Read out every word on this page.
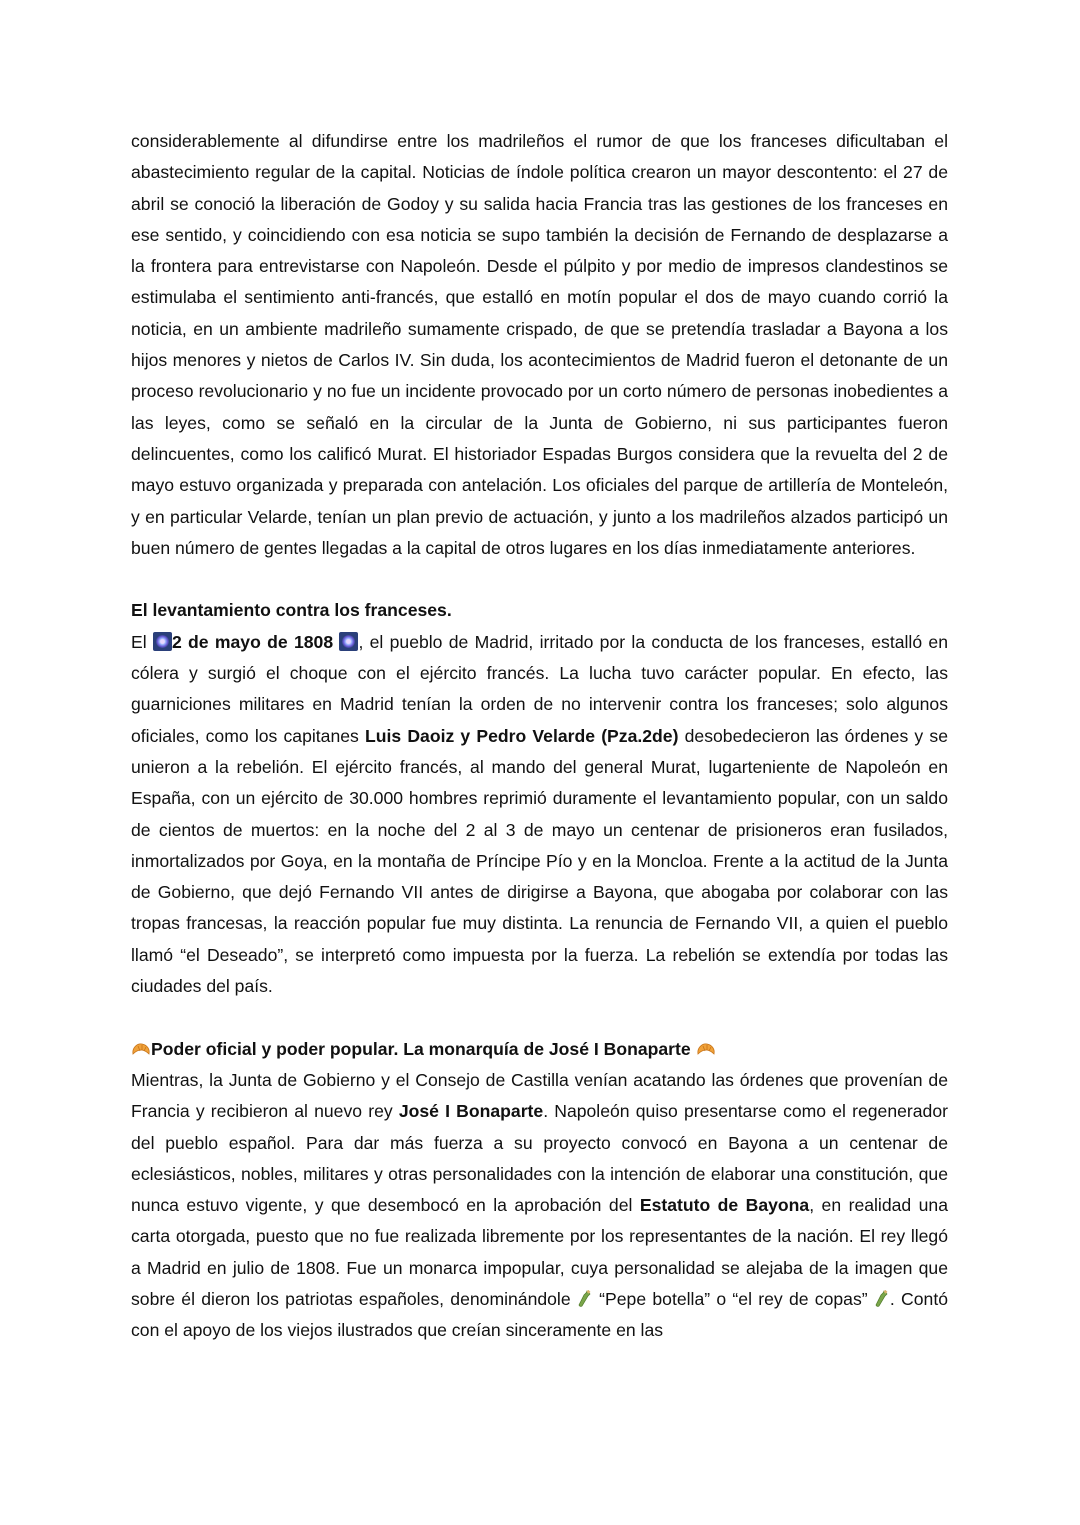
considerablemente al difundirse entre los madrileños el rumor de que los franceses dificultaban el abastecimiento regular de la capital. Noticias de índole política crearon un mayor descontento: el 27 de abril se conoció la liberación de Godoy y su salida hacia Francia tras las gestiones de los franceses en ese sentido, y coincidiendo con esa noticia se supo también la decisión de Fernando de desplazarse a la frontera para entrevistarse con Napoleón. Desde el púlpito y por medio de impresos clandestinos se estimulaba el sentimiento anti-francés, que estalló en motín popular el dos de mayo cuando corrió la noticia, en un ambiente madrileño sumamente crispado, de que se pretendía trasladar a Bayona a los hijos menores y nietos de Carlos IV. Sin duda, los acontecimientos de Madrid fueron el detonante de un proceso revolucionario y no fue un incidente provocado por un corto número de personas inobedientes a las leyes, como se señaló en la circular de la Junta de Gobierno, ni sus participantes fueron delincuentes, como los calificó Murat. El historiador Espadas Burgos considera que la revuelta del 2 de mayo estuvo organizada y preparada con antelación. Los oficiales del parque de artillería de Monteleón, y en particular Velarde, tenían un plan previo de actuación, y junto a los madrileños alzados participó un buen número de gentes llegadas a la capital de otros lugares en los días inmediatamente anteriores.

El levantamiento contra los franceses.

El 2 de mayo de 1808 , el pueblo de Madrid, irritado por la conducta de los franceses, estalló en cólera y surgió el choque con el ejército francés. La lucha tuvo carácter popular. En efecto, las guarniciones militares en Madrid tenían la orden de no intervenir contra los franceses; solo algunos oficiales, como los capitanes Luis Daoiz y Pedro Velarde (Pza.2de) desobedecieron las órdenes y se unieron a la rebelión. El ejército francés, al mando del general Murat, lugarteniente de Napoleón en España, con un ejército de 30.000 hombres reprimió duramente el levantamiento popular, con un saldo de cientos de muertos: en la noche del 2 al 3 de mayo un centenar de prisioneros eran fusilados, inmortalizados por Goya, en la montaña de Príncipe Pío y en la Moncloa. Frente a la actitud de la Junta de Gobierno, que dejó Fernando VII antes de dirigirse a Bayona, que abogaba por colaborar con las tropas francesas, la reacción popular fue muy distinta. La renuncia de Fernando VII, a quien el pueblo llamó “el Deseado”, se interpretó como impuesta por la fuerza. La rebelión se extendía por todas las ciudades del país.

Poder oficial y poder popular. La monarquía de José I Bonaparte

Mientras, la Junta de Gobierno y el Consejo de Castilla venían acatando las órdenes que provenían de Francia y recibieron al nuevo rey José I Bonaparte. Napoleón quiso presentarse como el regenerador del pueblo español. Para dar más fuerza a su proyecto convocó en Bayona a un centenar de eclesiásticos, nobles, militares y otras personalidades con la intención de elaborar una constitución, que nunca estuvo vigente, y que desembocó en la aprobación del Estatuto de Bayona, en realidad una carta otorgada, puesto que no fue realizada libremente por los representantes de la nación. El rey llegó a Madrid en julio de 1808. Fue un monarca impopular, cuya personalidad se alejaba de la imagen que sobre él dieron los patriotas españoles, denominándole  “Pepe botella” o “el rey de copas” . Contó con el apoyo de los viejos ilustrados que creían sinceramente en las
